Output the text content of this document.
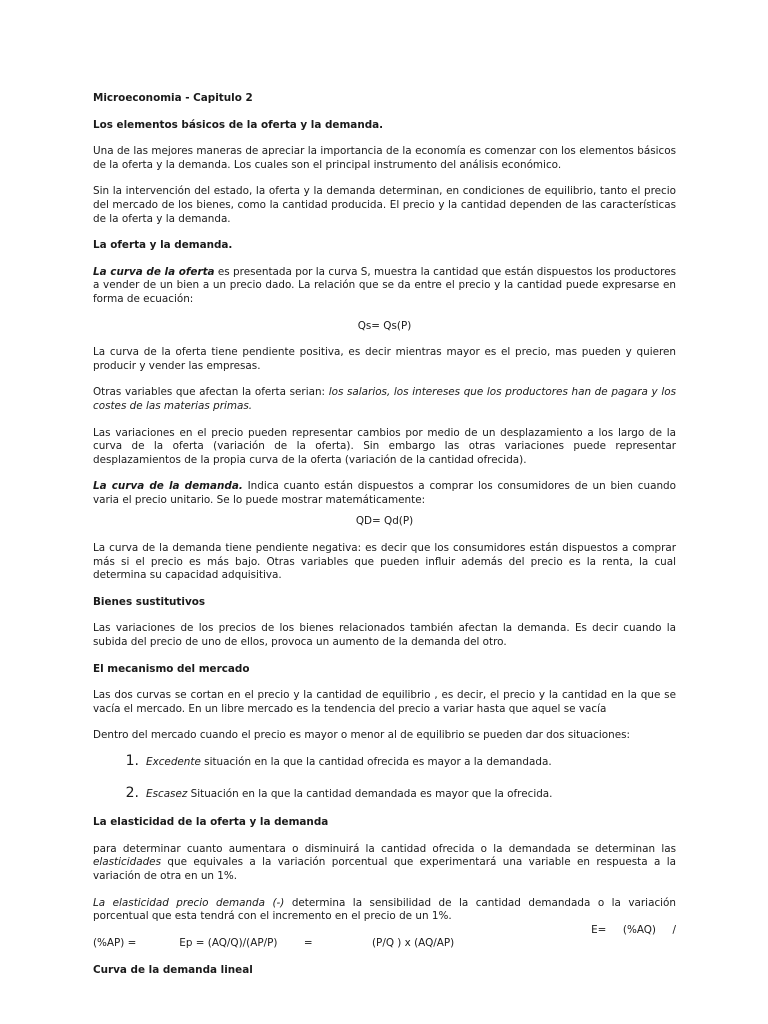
Microeconomia - Capitulo 2

Los elementos básicos de la oferta y la demanda.

Una de las mejores maneras de apreciar la importancia de la economía es comenzar con los elementos básicos de la oferta y la demanda. Los cuales son el principal instrumento del análisis económico.

Sin la intervención del estado, la oferta y la demanda determinan, en condiciones de equilibrio, tanto el precio del mercado de los bienes, como la cantidad producida. El precio y la cantidad dependen de las características de la oferta y la demanda.

La oferta y la demanda.

La curva de la oferta es presentada por la curva S, muestra la cantidad que están dispuestos los productores a vender de un bien a un precio dado. La relación que se da entre el precio y la cantidad puede expresarse en forma de ecuación:

Qs= Qs(P)

La curva de la oferta tiene pendiente positiva, es decir mientras mayor es el precio, mas pueden y quieren producir y vender las empresas.

Otras variables que afectan la oferta serian: los salarios, los intereses que los productores han de pagara y los costes de las materias primas.

Las variaciones en el precio pueden representar cambios por medio de un desplazamiento a los largo de la curva de la oferta (variación de la oferta). Sin embargo las otras variaciones puede representar desplazamientos de la propia curva de la oferta (variación de la cantidad ofrecida).

La curva de la demanda. Indica cuanto están dispuestos a comprar los consumidores de un bien cuando varia el precio unitario. Se lo puede mostrar matemáticamente:

QD= Qd(P)

La curva de la demanda tiene pendiente negativa: es decir que los consumidores están dispuestos a comprar más si el precio es más bajo. Otras variables que pueden influir además del precio es la renta, la cual determina su capacidad adquisitiva.

Bienes sustitutivos

Las variaciones de los precios de los bienes relacionados también afectan la demanda. Es decir cuando la subida del precio de uno de ellos, provoca un aumento de la demanda del otro.

El mecanismo del mercado

Las dos curvas se cortan en el precio y la cantidad de equilibrio , es decir, el precio y la cantidad en la que se vacía el mercado. En un libre mercado es la tendencia del precio a variar hasta que aquel se vacía

Dentro del mercado cuando el precio es mayor o menor al de equilibrio se pueden dar dos situaciones:

1. Excedente situación en la que la cantidad ofrecida es mayor a la demandada.
2. Escasez Situación en la que la cantidad demandada es mayor que la ofrecida.

La elasticidad de la oferta y la demanda

para determinar cuanto aumentara o disminuirá la cantidad ofrecida o la demandada se determinan las elasticidades que equivales a la variación porcentual que experimentará una variable en respuesta a la variación de otra en un 1%.

La elasticidad precio demanda (-) determina la sensibilidad de la cantidad demandada o la variación porcentual que esta tendrá con el incremento en el precio de un 1%.

E=     (%AQ)     /

(%AP) =             Ep = (AQ/Q)/(AP/P)        =                  (P/Q ) x (AQ/AP)

Curva de la demanda lineal
